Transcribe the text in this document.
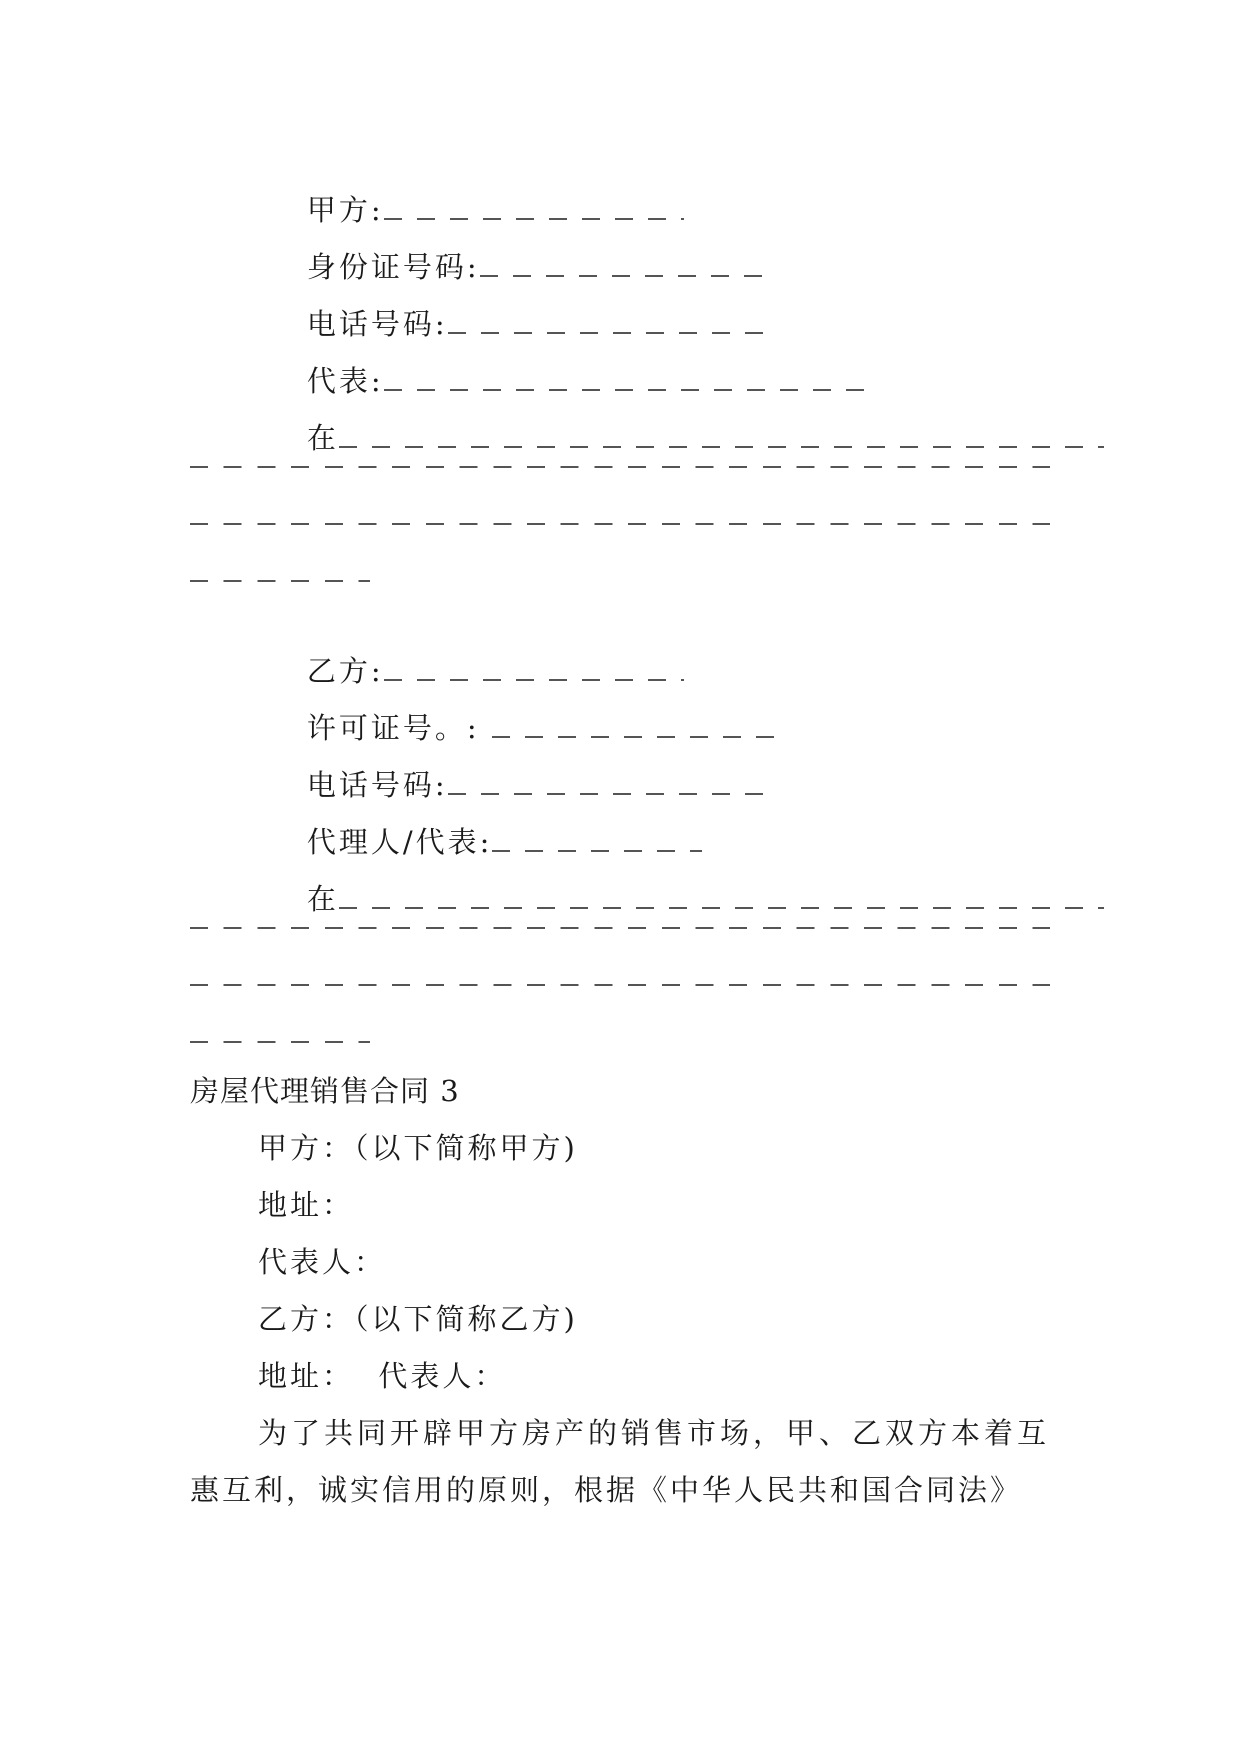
甲方:

身份证号码:

电话号码:

代表:

在

乙方:

许可证号。:

电话号码:

代理人/代表:

在

房屋代理销售合同 3
甲方：（以下简称甲方)
地址：
代表人：
乙方：（以下简称乙方)
地址：  代表人：
为了共同开辟甲方房产的销售市场，甲、乙双方本着互
惠互利，诚实信用的原则，根据《中华人民共和国合同法》
